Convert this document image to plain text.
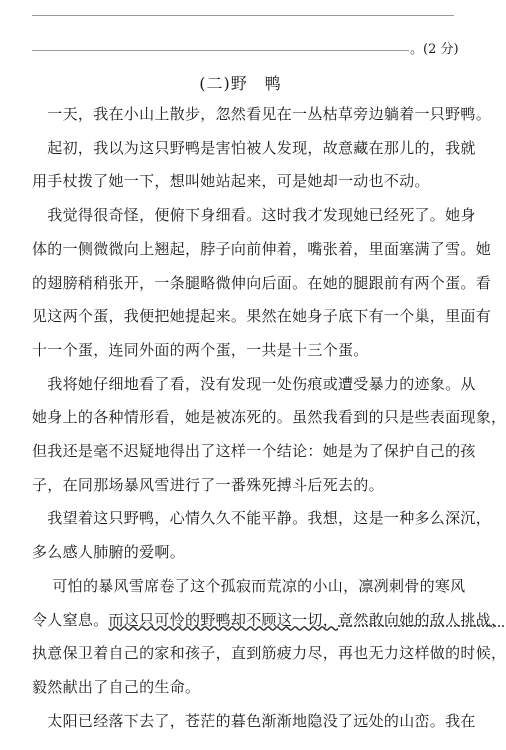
。(2 分)
(二)野　鸭
　一天，我在小山上散步，忽然看见在一丛枯草旁边躺着一只野鸭。
　起初，我以为这只野鸭是害怕被人发现，故意藏在那儿的，我就
用手杖拨了她一下，想叫她站起来，可是她却一动也不动。
　我觉得很奇怪，便俯下身细看。这时我才发现她已经死了。她身
体的一侧微微向上翘起，脖子向前伸着，嘴张着，里面塞满了雪。她
的翅膀稍稍张开，一条腿略微伸向后面。在她的腿跟前有两个蛋。看
见这两个蛋，我便把她提起来。果然在她身子底下有一个巢，里面有
十一个蛋，连同外面的两个蛋，一共是十三个蛋。
　我将她仔细地看了看，没有发现一处伤痕或遭受暴力的迹象。从
她身上的各种情形看，她是被冻死的。虽然我看到的只是些表面现象，
但我还是毫不迟疑地得出了这样一个结论：她是为了保护自己的孩
子，在同那场暴风雪进行了一番殊死搏斗后死去的。
　我望着这只野鸭，心情久久不能平静。我想，这是一种多么深沉，
多么感人肺腑的爱啊。
　 可怕的暴风雪席卷了这个孤寂而荒凉的小山，凛冽刺骨的寒风
令人窒息。而这只可怜的野鸭却不顾这一切，竟然敢向她的敌人挑战，
执意保卫着自己的家和孩子，直到筋疲力尽，再也无力这样做的时候，
毅然献出了自己的生命。
　太阳已经落下去了，苍茫的暮色渐渐地隐没了远处的山峦。我在
